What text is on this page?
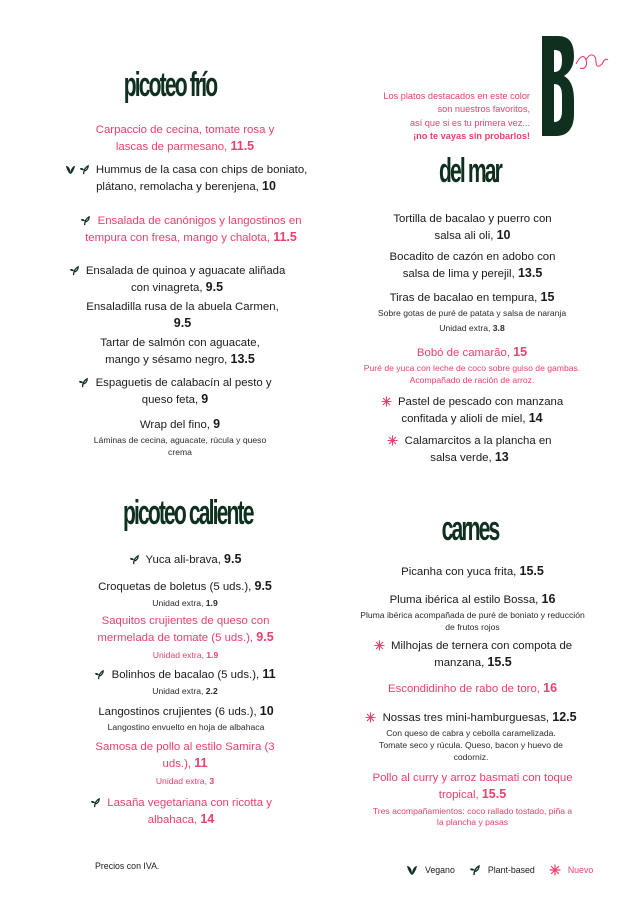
Los platos destacados en este color
son nuestros favoritos,
así que si es tu primera vez...
¡no te vayas sin probarlos!
picoteo frío
del mar
picoteo caliente	carnes
Carpaccio de cecina, tomate rosa y lascas de parmesano, 11.5
Hummus de la casa con chips de boniato, plátano, remolacha y berenjena, 10
Ensalada de canónigos y langostinos en tempura con fresa, mango y chalota, 11.5
Ensalada de quinoa y aguacate aliñada con vinagreta, 9.5
Ensaladilla rusa de la abuela Carmen, 9.5
Tartar de salmón con aguacate, mango y sésamo negro, 13.5
Espaguetis de calabacín al pesto y queso feta, 9
Wrap del fino, 9
Láminas de cecina, aguacate, rúcula y queso crema
Tortilla de bacalao y puerro con salsa ali oli, 10
Bocadito de cazón en adobo con salsa de lima y perejil, 13.5
Tiras de bacalao en tempura, 15
Sobre gotas de puré de patata y salsa de naranja
Unidad extra, 3.8
Bobó de camarão, 15
Puré de yuca con leche de coco sobre guiso de gambas. Acompañado de ración de arroz.
Pastel de pescado con manzana confitada y alioli de miel, 14
Calamarcitos a la plancha en salsa verde, 13
Yuca ali-brava, 9.5
Croquetas de boletus (5 uds.), 9.5
Unidad extra, 1.9
Saquitos crujientes de queso con mermelada de tomate (5 uds.), 9.5
Unidad extra, 1.9
Bolinhos de bacalao (5 uds.), 11
Unidad extra, 2.2
Langostinos crujientes (6 uds.), 10
Langostino envuelto en hoja de albahaca
Samosa de pollo al estilo Samira (3 uds.), 11
Unidad extra, 3
Lasaña vegetariana con ricotta y albahaca, 14
Picanha con yuca frita, 15.5
Pluma ibérica al estilo Bossa, 16
Pluma ibérica acompañada de puré de boniato y reducción de frutos rojos
Milhojas de ternera con compota de manzana, 15.5
Escondidinho de rabo de toro, 16
Nossas tres mini-hamburguesas, 12.5
Con queso de cabra y cebolla caramelizada. Tomate seco y rúcula. Queso, bacon y huevo de codorniz.
Pollo al curry y arroz basmati con toque tropical, 15.5
Tres acompañamientos: coco rallado tostado, piña a la plancha y pasas
Precios con IVA.	Vegano	Plant-based	Nuevo
